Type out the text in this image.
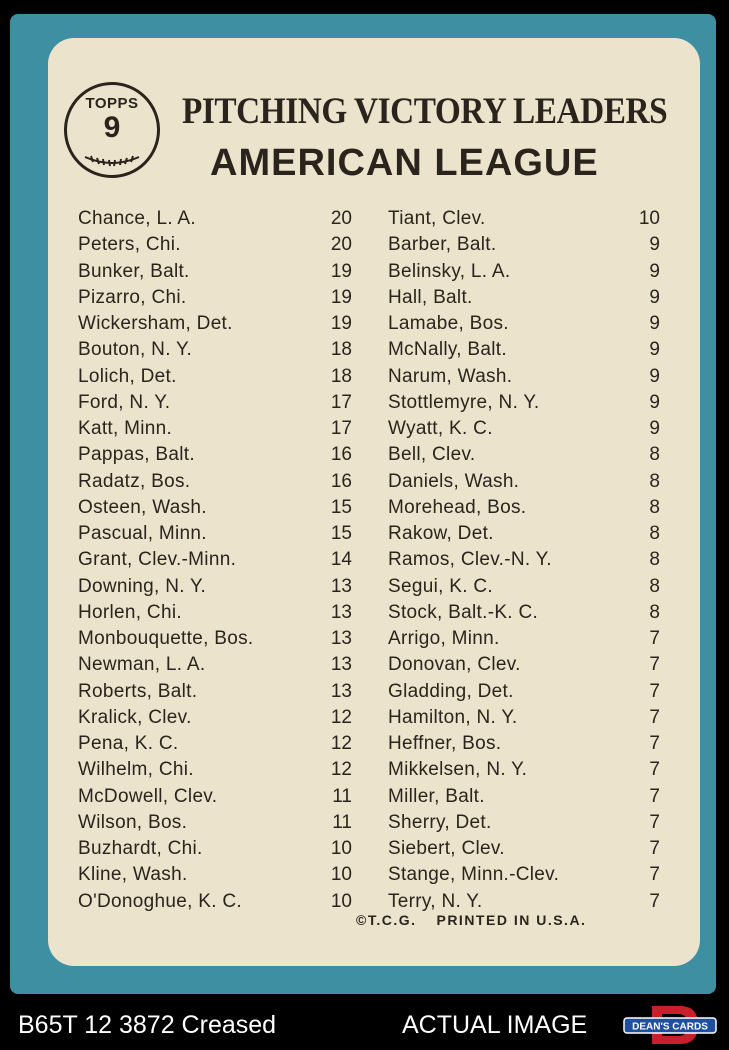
TOPPS
9	PITCHING VICTORY LEADERS
AMERICAN LEAGUE
Chance, L. A.	20
Peters, Chi.	20
Bunker, Balt.	19
Pizarro, Chi.	19
Wickersham, Det.	19
Bouton, N. Y.	18
Lolich, Det.	18
Ford, N. Y.	17
Katt, Minn.	17
Pappas, Balt.	16
Radatz, Bos.	16
Osteen, Wash.	15
Pascual, Minn.	15
Grant, Clev.-Minn.	14
Downing, N. Y.	13
Horlen, Chi.	13
Monbouquette, Bos.	13
Newman, L. A.	13
Roberts, Balt.	13
Kralick, Clev.	12
Pena, K. C.	12
Wilhelm, Chi.	12
McDowell, Clev.	11
Wilson, Bos.	11
Buzhardt, Chi.	10
Kline, Wash.	10
O'Donoghue, K. C.	10
Tiant, Clev.	10
Barber, Balt.	9
Belinsky, L. A.	9
Hall, Balt.	9
Lamabe, Bos.	9
McNally, Balt.	9
Narum, Wash.	9
Stottlemyre, N. Y.	9
Wyatt, K. C.	9
Bell, Clev.	8
Daniels, Wash.	8
Morehead, Bos.	8
Rakow, Det.	8
Ramos, Clev.-N. Y.	8
Segui, K. C.	8
Stock, Balt.-K. C.	8
Arrigo, Minn.	7
Donovan, Clev.	7
Gladding, Det.	7
Hamilton, N. Y.	7
Heffner, Bos.	7
Mikkelsen, N. Y.	7
Miller, Balt.	7
Sherry, Det.	7
Siebert, Clev.	7
Stange, Minn.-Clev.	7
Terry, N. Y.	7
©T.C.G. PRINTED IN U.S.A.
B65T 12 3872 Creased	ACTUAL IMAGE	DEAN'S CARDS
